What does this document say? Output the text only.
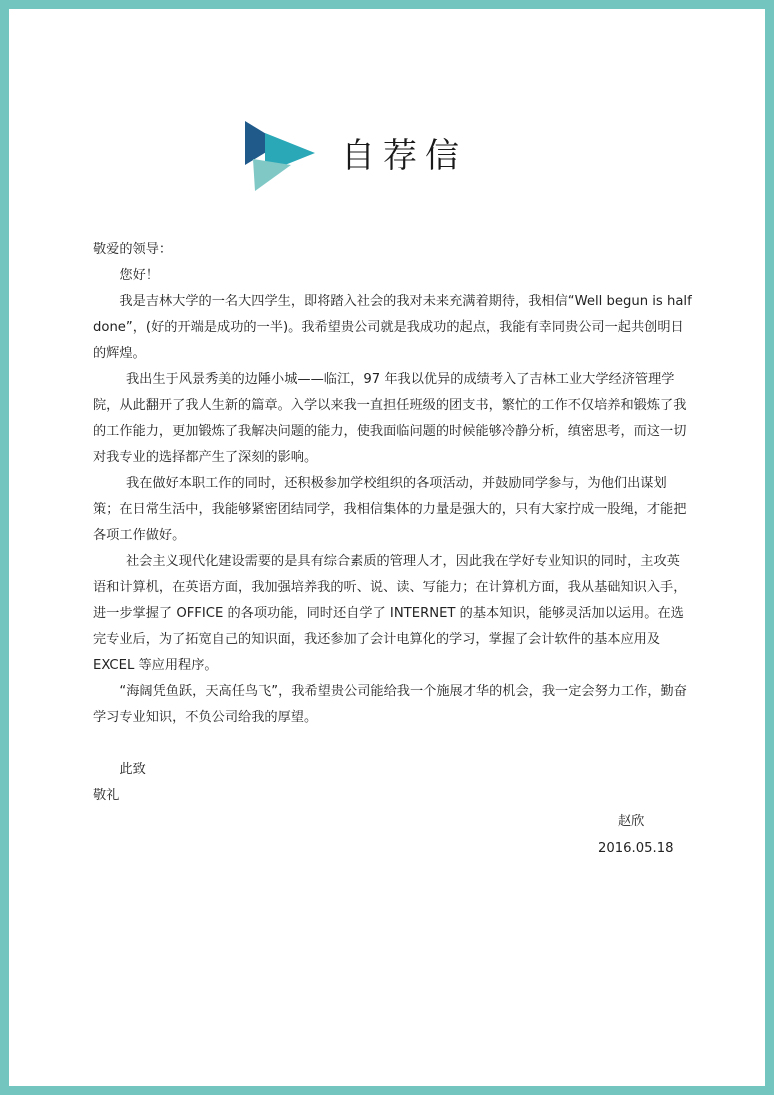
自荐信

敬爱的领导：

您好！

我是吉林大学的一名大四学生，即将踏入社会的我对未来充满着期待，我相信“Well begun is half done”，(好的开端是成功的一半)。我希望贵公司就是我成功的起点，我能有幸同贵公司一起共创明日的辉煌。

我出生于风景秀美的边陲小城——临江，97 年我以优异的成绩考入了吉林工业大学经济管理学院，从此翻开了我人生新的篇章。入学以来我一直担任班级的团支书，繁忙的工作不仅培养和锻炼了我的工作能力，更加锻炼了我解决问题的能力，使我面临问题的时候能够冷静分析，缜密思考，而这一切对我专业的选择都产生了深刻的影响。

我在做好本职工作的同时，还积极参加学校组织的各项活动，并鼓励同学参与，为他们出谋划策；在日常生活中，我能够紧密团结同学，我相信集体的力量是强大的，只有大家拧成一股绳，才能把各项工作做好。

社会主义现代化建设需要的是具有综合素质的管理人才，因此我在学好专业知识的同时，主攻英语和计算机，在英语方面，我加强培养我的听、说、读、写能力；在计算机方面，我从基础知识入手，进一步掌握了 OFFICE 的各项功能，同时还自学了 INTERNET 的基本知识，能够灵活加以运用。在选完专业后，为了拓宽自己的知识面，我还参加了会计电算化的学习，掌握了会计软件的基本应用及 EXCEL 等应用程序。

“海阔凭鱼跃，天高任鸟飞”，我希望贵公司能给我一个施展才华的机会，我一定会努力工作，勤奋学习专业知识，不负公司给我的厚望。

此致

敬礼

赵欣
2016.05.18
